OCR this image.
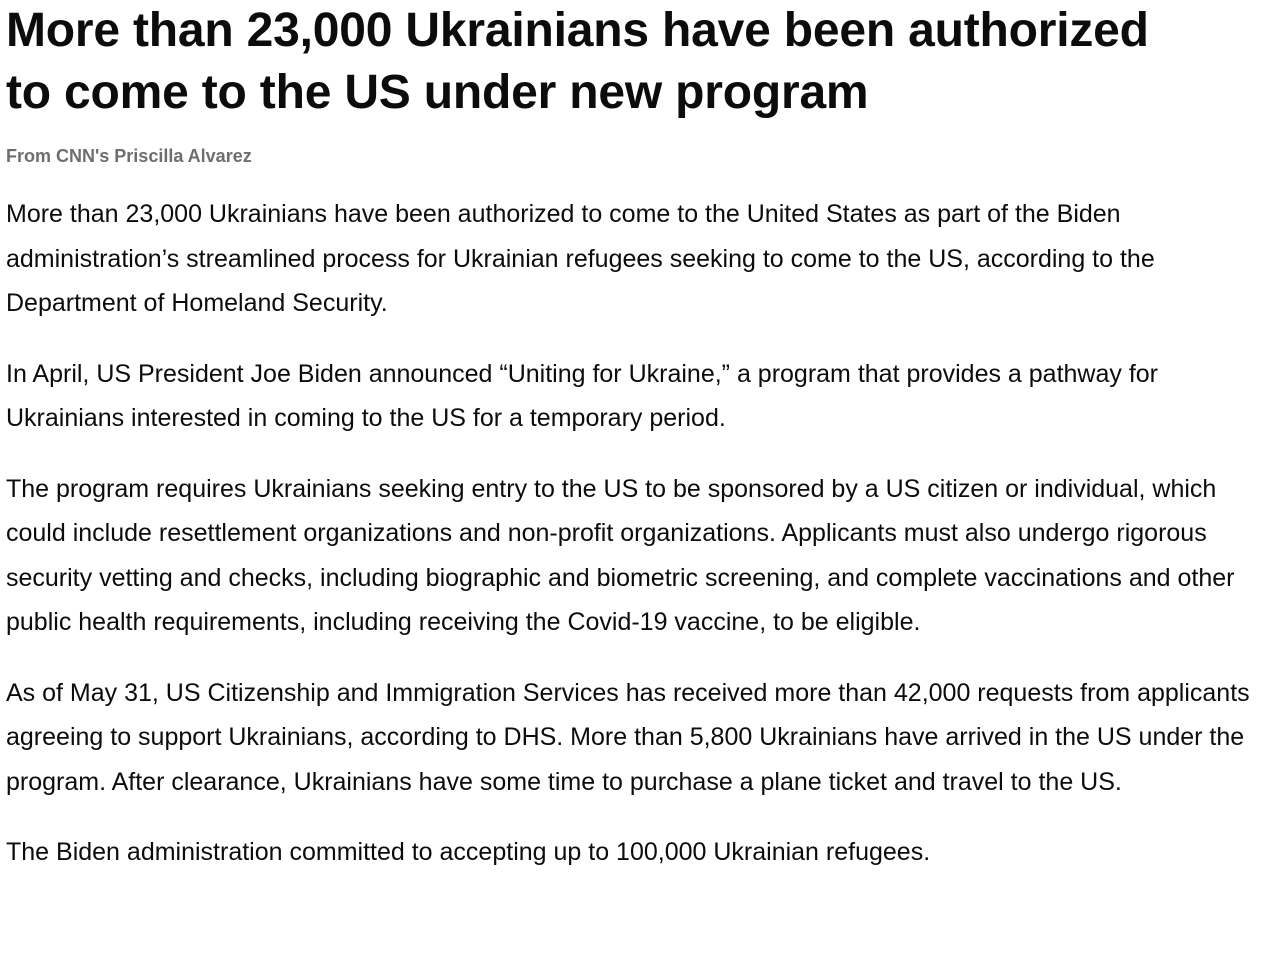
More than 23,000 Ukrainians have been authorized
to come to the US under new program
From CNN's Priscilla Alvarez

More than 23,000 Ukrainians have been authorized to come to the United States as part of the Biden administration’s streamlined process for Ukrainian refugees seeking to come to the US, according to the Department of Homeland Security.

In April, US President Joe Biden announced “Uniting for Ukraine,” a program that provides a pathway for Ukrainians interested in coming to the US for a temporary period.

The program requires Ukrainians seeking entry to the US to be sponsored by a US citizen or individual, which could include resettlement organizations and non-profit organizations. Applicants must also undergo rigorous security vetting and checks, including biographic and biometric screening, and complete vaccinations and other public health requirements, including receiving the Covid-19 vaccine, to be eligible.

As of May 31, US Citizenship and Immigration Services has received more than 42,000 requests from applicants agreeing to support Ukrainians, according to DHS. More than 5,800 Ukrainians have arrived in the US under the program. After clearance, Ukrainians have some time to purchase a plane ticket and travel to the US.

The Biden administration committed to accepting up to 100,000 Ukrainian refugees.
